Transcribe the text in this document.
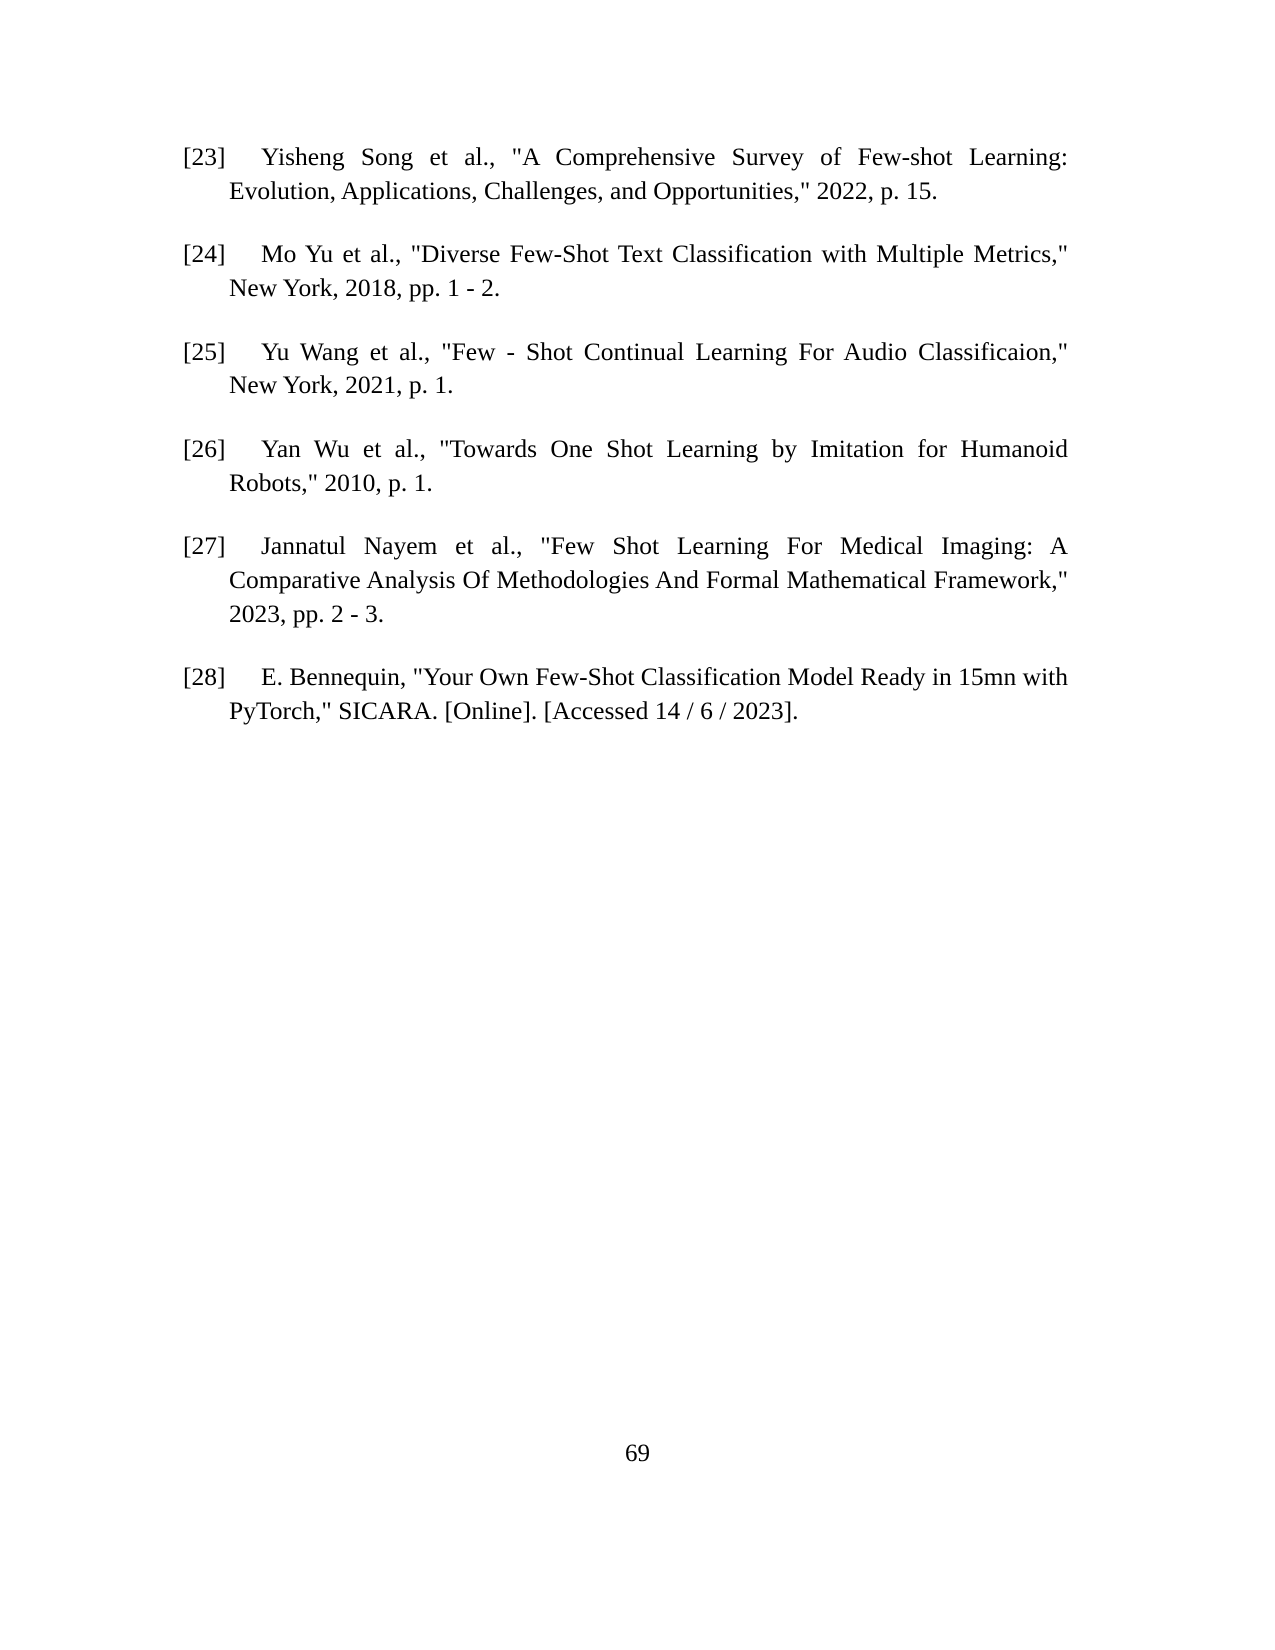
[23]	Yisheng Song et al., "A Comprehensive Survey of Few-shot Learning: Evolution, Applications, Challenges, and Opportunities," 2022, p. 15.
[24]	Mo Yu et al., "Diverse Few-Shot Text Classification with Multiple Metrics," New York, 2018, pp. 1 - 2.
[25]	Yu Wang et al., "Few - Shot Continual Learning For Audio Classificaion," New York, 2021, p. 1.
[26]	Yan Wu et al., "Towards One Shot Learning by Imitation for Humanoid Robots," 2010, p. 1.
[27]	Jannatul Nayem et al., "Few Shot Learning For Medical Imaging: A Comparative Analysis Of Methodologies And Formal Mathematical Framework," 2023, pp. 2 - 3.
[28]	E. Bennequin, "Your Own Few-Shot Classification Model Ready in 15mn with PyTorch," SICARA. [Online]. [Accessed 14 / 6 / 2023].
69
